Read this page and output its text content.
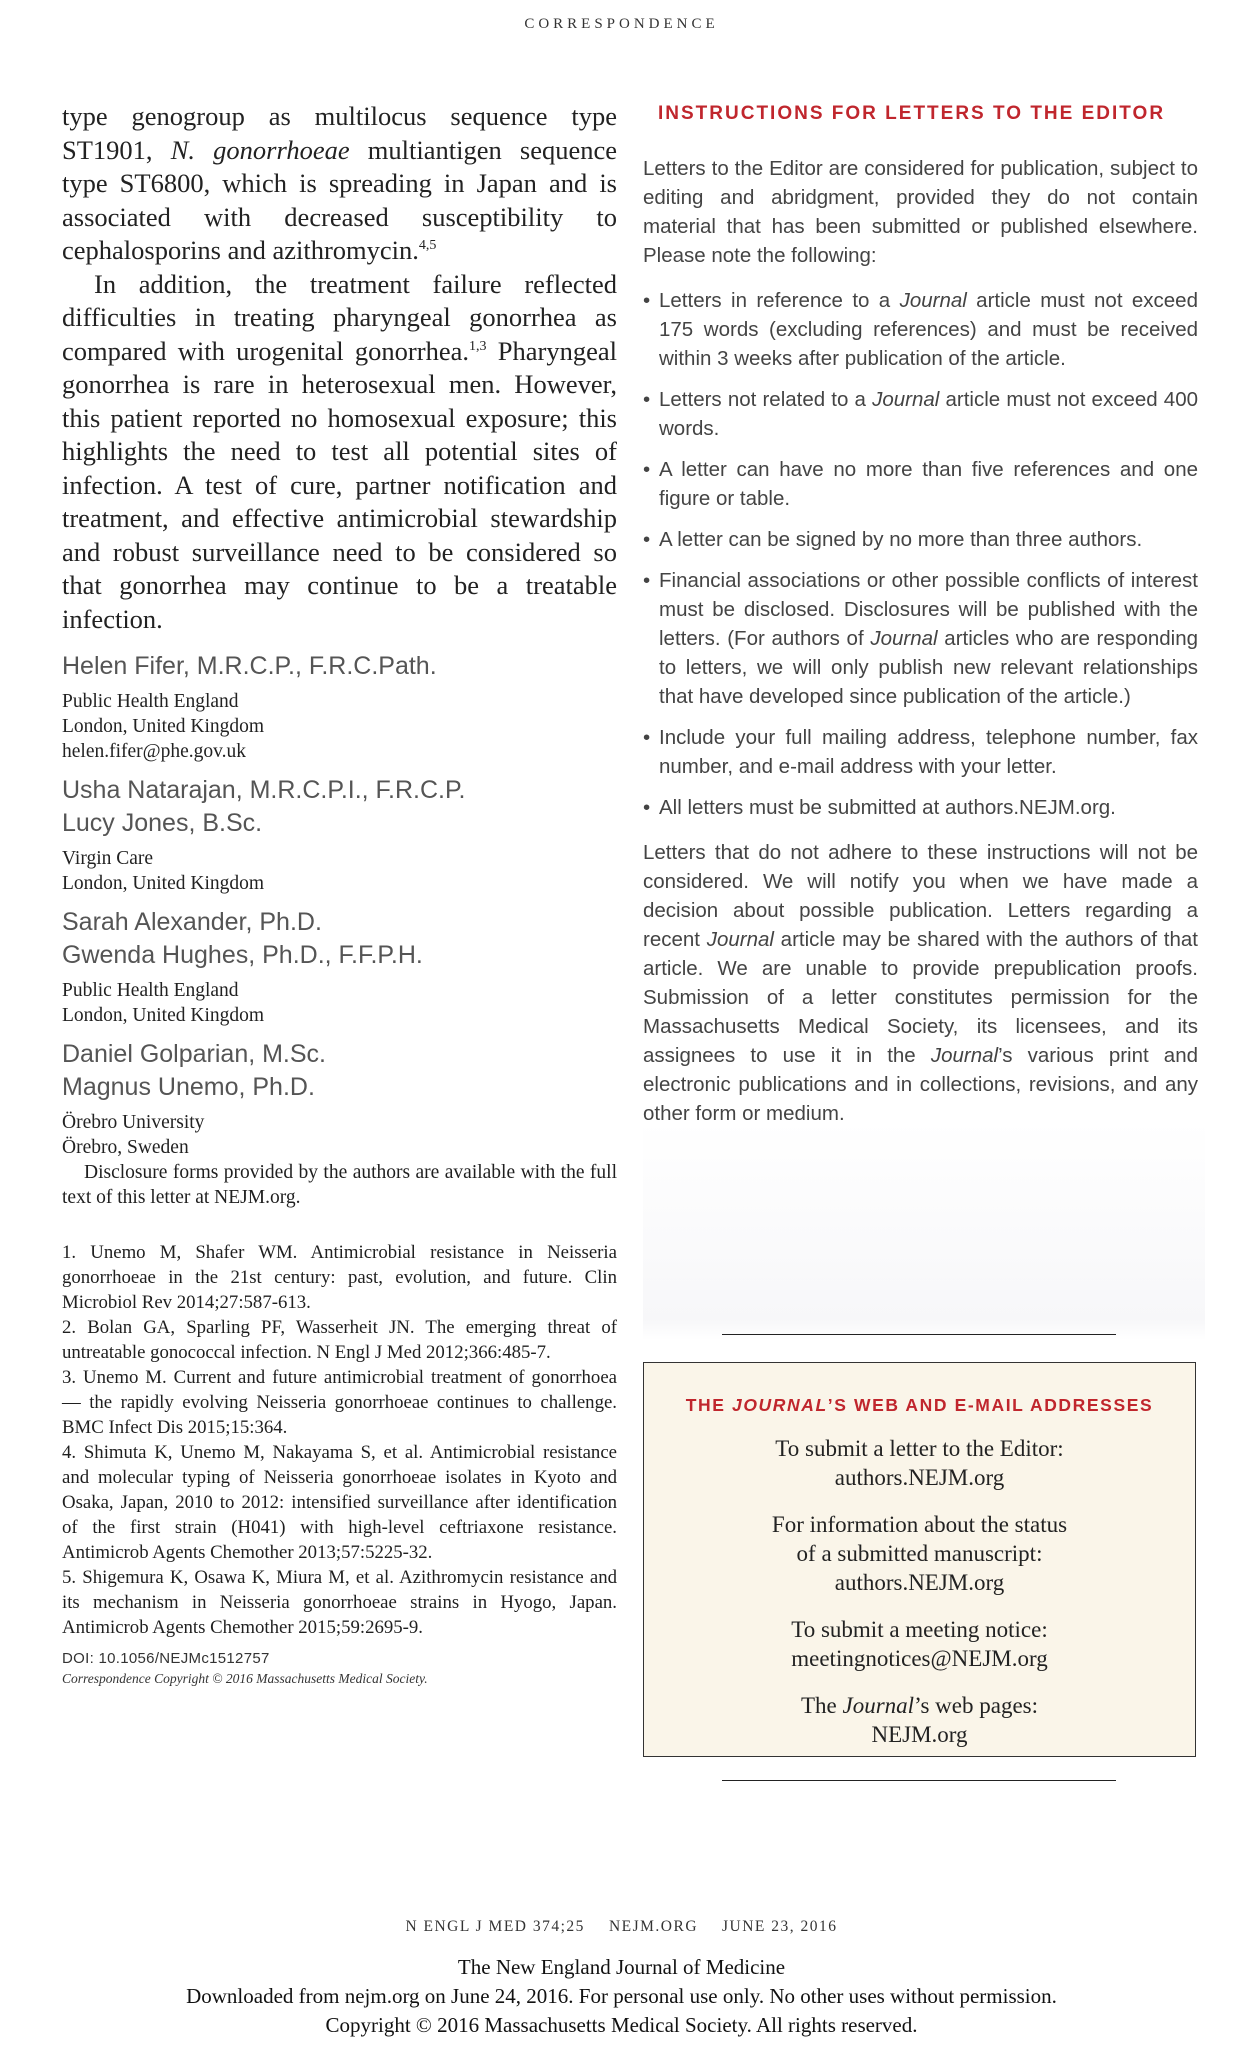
CORRESPONDENCE

type genogroup as multilocus sequence type ST1901, N. gonorrhoeae multiantigen sequence type ST6800, which is spreading in Japan and is associated with decreased susceptibility to cephalosporins and azithromycin.$^{4,5}$

In addition, the treatment failure reflected difficulties in treating pharyngeal gonorrhea as compared with urogenital gonorrhea.$^{1,3}$ Pharyngeal gonorrhea is rare in heterosexual men. However, this patient reported no homosexual exposure; this highlights the need to test all potential sites of infection. A test of cure, partner notification and treatment, and effective antimicrobial stewardship and robust surveillance need to be considered so that gonorrhea may continue to be a treatable infection.

Helen Fifer, M.R.C.P., F.R.C.Path.

Public Health England

London, United Kingdom

helen.fifer@phe.gov.uk

Usha Natarajan, M.R.C.P.I., F.R.C.P.

Lucy Jones, B.Sc.

Virgin Care

London, United Kingdom

Sarah Alexander, Ph.D.

Gwenda Hughes, Ph.D., F.F.P.H.

Public Health England

London, United Kingdom

Daniel Golparian, M.Sc.

Magnus Unemo, Ph.D.

Örebro University

Örebro, Sweden

Disclosure forms provided by the authors are available with the full text of this letter at NEJM.org.

1. Unemo M, Shafer WM. Antimicrobial resistance in Neisseria gonorrhoeae in the 21st century: past, evolution, and future. Clin Microbiol Rev 2014;27:587-613.

2. Bolan GA, Sparling PF, Wasserheit JN. The emerging threat of untreatable gonococcal infection. N Engl J Med 2012;366:485-7.

3. Unemo M. Current and future antimicrobial treatment of gonorrhoea — the rapidly evolving Neisseria gonorrhoeae continues to challenge. BMC Infect Dis 2015;15:364.

4. Shimuta K, Unemo M, Nakayama S, et al. Antimicrobial resistance and molecular typing of Neisseria gonorrhoeae isolates in Kyoto and Osaka, Japan, 2010 to 2012: intensified surveillance after identification of the first strain (H041) with high-level ceftriaxone resistance. Antimicrob Agents Chemother 2013;57:5225-32.

5. Shigemura K, Osawa K, Miura M, et al. Azithromycin resistance and its mechanism in Neisseria gonorrhoeae strains in Hyogo, Japan. Antimicrob Agents Chemother 2015;59:2695-9.

DOI: 10.1056/NEJMc1512757
Correspondence Copyright © 2016 Massachusetts Medical Society.
INSTRUCTIONS FOR LETTERS TO THE EDITOR

Letters to the Editor are considered for publication, subject to editing and abridgment, provided they do not contain material that has been submitted or published elsewhere. Please note the following:

• Letters in reference to a Journal article must not exceed 175 words (excluding references) and must be received within 3 weeks after publication of the article.
• Letters not related to a Journal article must not exceed 400 words.
• A letter can have no more than five references and one figure or table.
• A letter can be signed by no more than three authors.
• Financial associations or other possible conflicts of interest must be disclosed. Disclosures will be published with the letters. (For authors of Journal articles who are responding to letters, we will only publish new relevant relationships that have developed since publication of the article.)
• Include your full mailing address, telephone number, fax number, and e-mail address with your letter.
• All letters must be submitted at authors.NEJM.org.

Letters that do not adhere to these instructions will not be considered. We will notify you when we have made a decision about possible publication. Letters regarding a recent Journal article may be shared with the authors of that article. We are unable to provide prepublication proofs. Submission of a letter constitutes permission for the Massachusetts Medical Society, its licensees, and its assignees to use it in the Journal’s various print and electronic publications and in collections, revisions, and any other form or medium.

THE JOURNAL’S WEB AND E-MAIL ADDRESSES
To submit a letter to the Editor:
authors.NEJM.org
For information about the status
of a submitted manuscript:
authors.NEJM.org
To submit a meeting notice:
meetingnotices@NEJM.org
The Journal’s web pages:
NEJM.org
N ENGL J MED 374;25 NEJM.ORG JUNE 23, 2016
The New England Journal of Medicine
Downloaded from nejm.org on June 24, 2016. For personal use only. No other uses without permission.
Copyright © 2016 Massachusetts Medical Society. All rights reserved.
